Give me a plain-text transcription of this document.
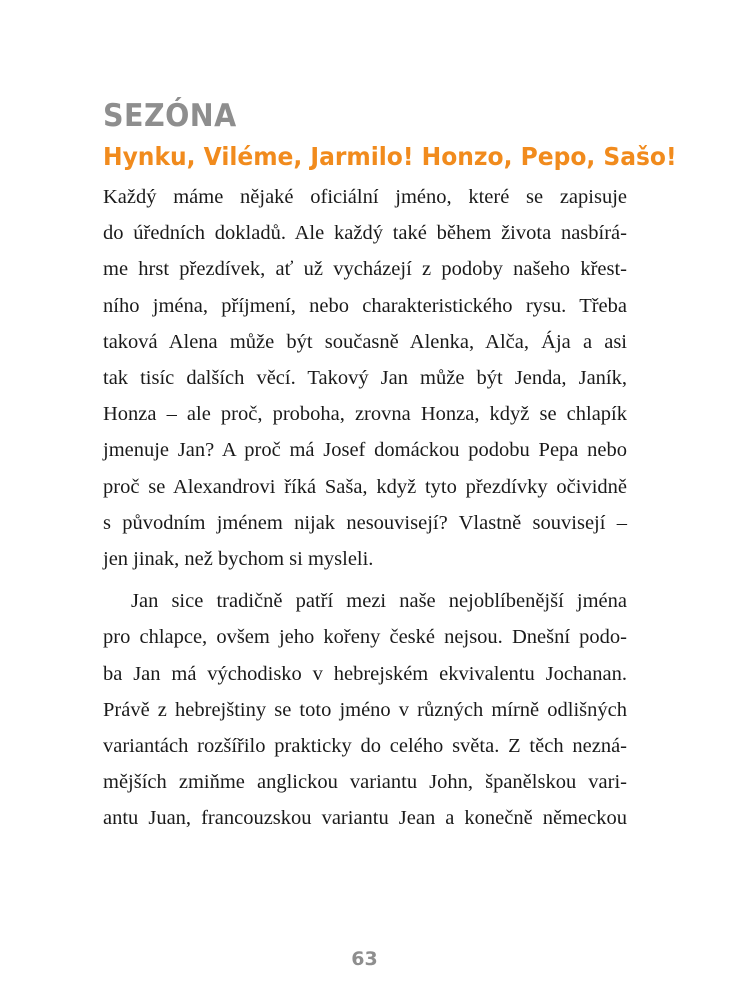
SEZÓNA
Hynku, Viléme, Jarmilo! Honzo, Pepo, Sašo!
Každý máme nějaké oficiální jméno, které se zapisuje
do úředních dokladů. Ale každý také během života nasbírá-
me hrst přezdívek, ať už vycházejí z podoby našeho křest-
ního jména, příjmení, nebo charakteristického rysu. Třeba
taková Alena může být současně Alenka, Alča, Ája a asi
tak tisíc dalších věcí. Takový Jan může být Jenda, Janík,
Honza – ale proč, proboha, zrovna Honza, když se chlapík
jmenuje Jan? A proč má Josef domáckou podobu Pepa nebo
proč se Alexandrovi říká Saša, když tyto přezdívky očividně
s původním jménem nijak nesouvisejí? Vlastně souvisejí –
jen jinak, než bychom si mysleli.
Jan sice tradičně patří mezi naše nejoblíbenější jména
pro chlapce, ovšem jeho kořeny české nejsou. Dnešní podo-
ba Jan má východisko v hebrejském ekvivalentu Jochanan.
Právě z hebrejštiny se toto jméno v různých mírně odlišných
variantách rozšířilo prakticky do celého světa. Z těch nezná-
mějších zmiňme anglickou variantu John, španělskou vari-
antu Juan, francouzskou variantu Jean a konečně německou

63
